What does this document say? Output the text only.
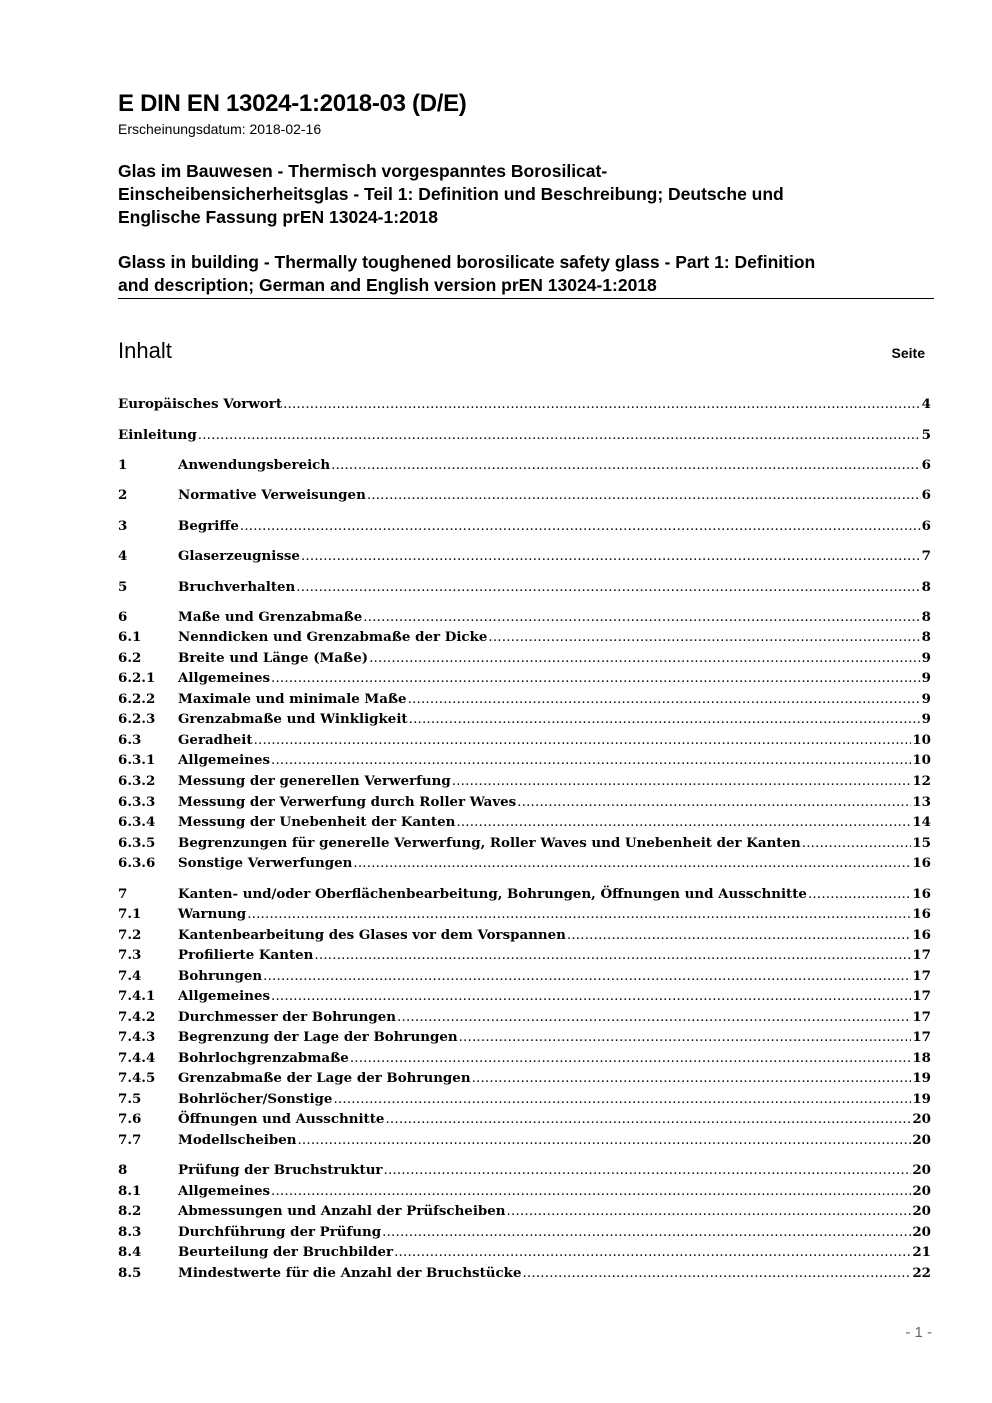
E DIN EN 13024-1:2018-03 (D/E)
Erscheinungsdatum: 2018-02-16
Glas im Bauwesen - Thermisch vorgespanntes Borosilicat-
Einscheibensicherheitsglas - Teil 1: Definition und Beschreibung; Deutsche und
Englische Fassung prEN 13024-1:2018
Glass in building - Thermally toughened borosilicate safety glass - Part 1: Definition
and description; German and English version prEN 13024-1:2018
Inhalt	Seite
Europäisches Vorwort .....	4
Einleitung .....	5
1	Anwendungsbereich .....	6
2	Normative Verweisungen .....	6
3	Begriffe .....	6
4	Glaserzeugnisse .....	7
5	Bruchverhalten .....	8
6	Maße und Grenzabmaße .....	8
6.1	Nenndicken und Grenzabmaße der Dicke .....	8
6.2	Breite und Länge (Maße) .....	9
6.2.1	Allgemeines .....	9
6.2.2	Maximale und minimale Maße .....	9
6.2.3	Grenzabmaße und Winkligkeit .....	9
6.3	Geradheit .....	10
6.3.1	Allgemeines .....	10
6.3.2	Messung der generellen Verwerfung .....	12
6.3.3	Messung der Verwerfung durch Roller Waves .....	13
6.3.4	Messung der Unebenheit der Kanten .....	14
6.3.5	Begrenzungen für generelle Verwerfung, Roller Waves und Unebenheit der Kanten .....	15
6.3.6	Sonstige Verwerfungen .....	16
7	Kanten- und/oder Oberflächenbearbeitung, Bohrungen, Öffnungen und Ausschnitte .....	16
7.1	Warnung .....	16
7.2	Kantenbearbeitung des Glases vor dem Vorspannen .....	16
7.3	Profilierte Kanten .....	17
7.4	Bohrungen .....	17
7.4.1	Allgemeines .....	17
7.4.2	Durchmesser der Bohrungen .....	17
7.4.3	Begrenzung der Lage der Bohrungen .....	17
7.4.4	Bohrlochgrenzabmaße .....	18
7.4.5	Grenzabmaße der Lage der Bohrungen .....	19
7.5	Bohrlöcher/Sonstige .....	19
7.6	Öffnungen und Ausschnitte .....	20
7.7	Modellscheiben .....	20
8	Prüfung der Bruchstruktur .....	20
8.1	Allgemeines .....	20
8.2	Abmessungen und Anzahl der Prüfscheiben .....	20
8.3	Durchführung der Prüfung .....	20
8.4	Beurteilung der Bruchbilder .....	21
8.5	Mindestwerte für die Anzahl der Bruchstücke .....	22
- 1 -
